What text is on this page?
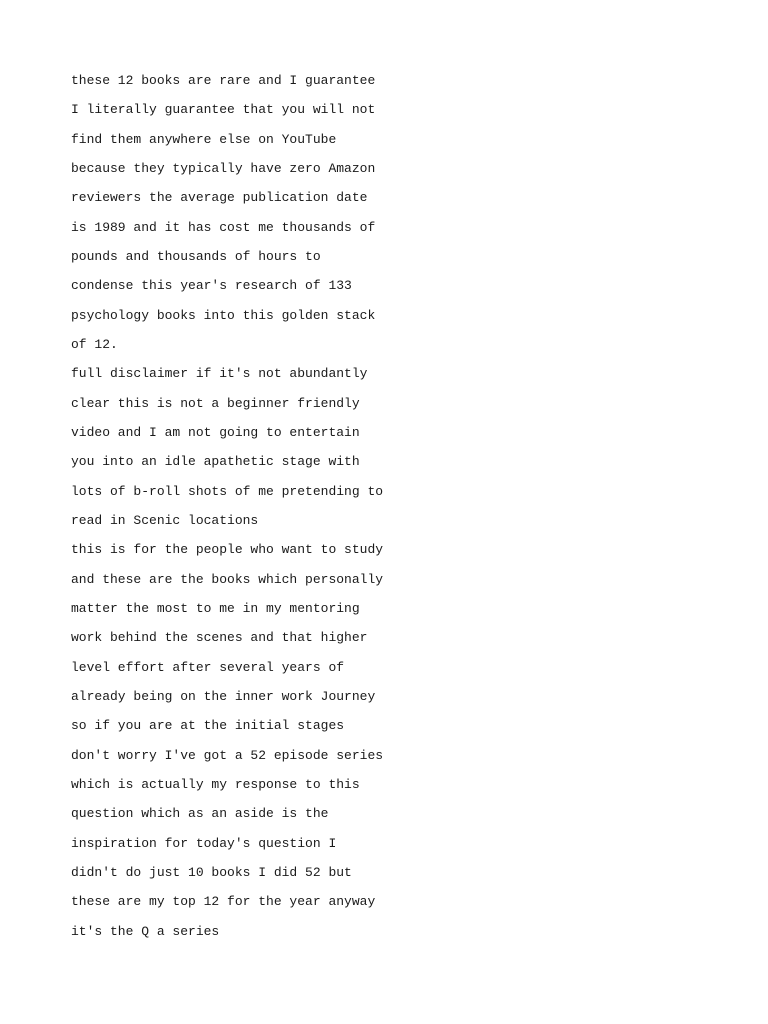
these 12 books are rare and I guarantee

I literally guarantee that you will not

find them anywhere else on YouTube

because they typically have zero Amazon

reviewers the average publication date

is 1989 and it has cost me thousands of

pounds and thousands of hours to

condense this year's research of 133

psychology books into this golden stack

of 12.

full disclaimer if it's not abundantly

clear this is not a beginner friendly

video and I am not going to entertain

you into an idle apathetic stage with

lots of b-roll shots of me pretending to

read in Scenic locations

this is for the people who want to study

and these are the books which personally

matter the most to me in my mentoring

work behind the scenes and that higher

level effort after several years of

already being on the inner work Journey

so if you are at the initial stages

don't worry I've got a 52 episode series

which is actually my response to this

question which as an aside is the

inspiration for today's question I

didn't do just 10 books I did 52 but

these are my top 12 for the year anyway

it's the Q a series
